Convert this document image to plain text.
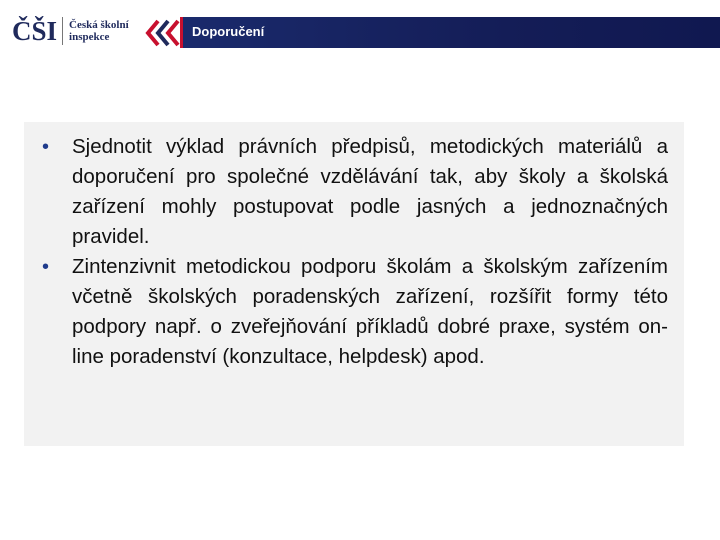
ČŠI Česká školní
inspekce	Doporučení
• Sjednotit výklad právních předpisů, metodických materiálů a doporučení pro společné vzdělávání tak, aby školy a školská zařízení mohly postupovat podle jasných a jednoznačných pravidel.
• Zintenzivnit metodickou podporu školám a školským zařízením včetně školských poradenských zařízení, rozšířit formy této podpory např. o zveřejňování příkladů dobré praxe, systém on-line poradenství (konzultace, helpdesk) apod.
